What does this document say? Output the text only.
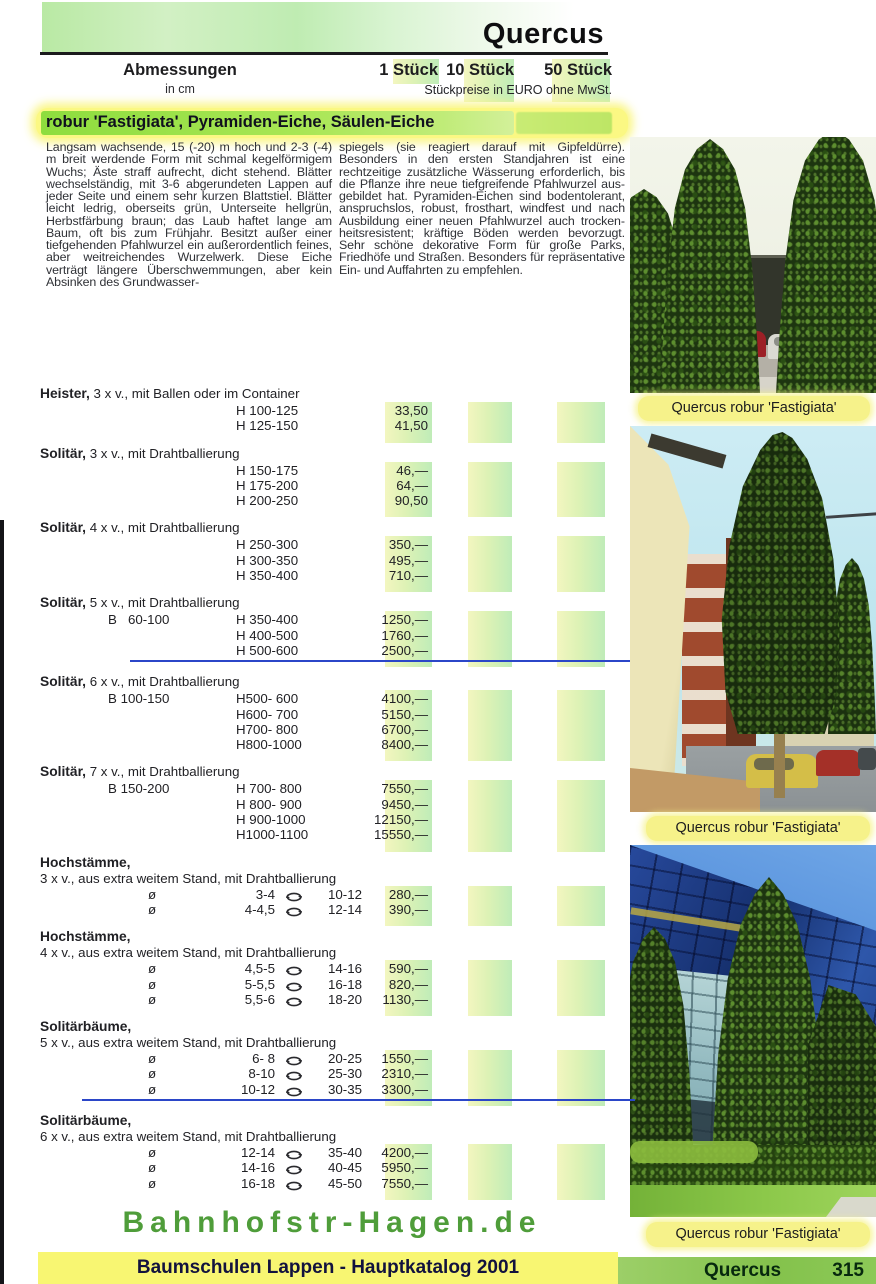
Quercus
Abmessungen
in cm
1 Stück 10 Stück 50 Stück
Stückpreise in EURO ohne MwSt.
robur 'Fastigiata', Pyramiden-Eiche, Säulen-Eiche
Langsam wachsende, 15 (-20) m hoch und 2-3 (-4) m breit werdende Form mit schmal kegelförmigem Wuchs; Äste straff aufrecht, dicht stehend. Blätter wechselständig, mit 3-6 abgerundeten Lappen auf jeder Seite und einem sehr kurzen Blattstiel. Blätter leicht ledrig, oberseits grün, Unterseite hellgrün, Herbstfärbung braun; das Laub haftet lange am Baum, oft bis zum Frühjahr. Besitzt außer einer tiefgehenden Pfahlwurzel ein außerordentlich feines, aber weitreichendes Wurzelwerk. Diese Eiche verträgt längere Überschwemmungen, aber kein Absinken des Grundwasser-
spiegels (sie reagiert darauf mit Gipfeldürre). Besonders in den ersten Standjahren ist eine rechtzeitige zusätzliche Wässerung erforderlich, bis die Pflanze ihre neue tiefgreifende Pfahlwurzel ausgebildet hat. Pyramiden-Eichen sind bodentolerant, anspruchslos, robust, frosthart, windfest und nach Ausbildung einer neuen Pfahlwurzel auch trockenheitsresistent; kräftige Böden werden bevorzugt. Sehr schöne dekorative Form für große Parks, Friedhöfe und Straßen. Besonders für repräsentative Ein- und Auffahrten zu empfehlen.
Heister, 3 x v., mit Ballen oder im Container
H 100-125	33,50
H 125-150	41,50
Solitär, 3 x v., mit Drahtballierung
H 150-175	46,—
H 175-200	64,—
H 200-250	90,50
Solitär, 4 x v., mit Drahtballierung
H 250-300	350,—
H 300-350	495,—
H 350-400	710,—
Solitär, 5 x v., mit Drahtballierung
B   60-100	H 350-400	1250,—
H 400-500	1760,—
H 500-600	2500,—
Solitär, 6 x v., mit Drahtballierung
B 100-150	H500- 600	4100,—
H600- 700	5150,—
H700- 800	6700,—
H800-1000	8400,—
Solitär, 7 x v., mit Drahtballierung
B 150-200	H 700- 800	7550,—
H 800- 900	9450,—
H 900-1000	12150,—
H1000-1100	15550,—
Hochstämme,
3 x v., aus extra weitem Stand, mit Drahtballierung
ø	3-4	10-12 280,—
ø	4-4,5	12-14 390,—
Hochstämme,
4 x v., aus extra weitem Stand, mit Drahtballierung
ø	4,5-5	14-16 590,—
ø	5-5,5	16-18 820,—
ø	5,5-6	18-20 1130,—
Solitärbäume,
5 x v., aus extra weitem Stand, mit Drahtballierung
ø	6- 8	20-25 1550,—
ø	8-10	25-30 2310,—
ø	10-12	30-35 3300,—
Solitärbäume,
6 x v., aus extra weitem Stand, mit Drahtballierung
ø	12-14	35-40 4200,—
ø	14-16	40-45 5950,—
ø	16-18	45-50 7550,—
Quercus robur 'Fastigiata'
Quercus robur 'Fastigiata'
Quercus robur 'Fastigiata'
Bahnhofstr-Hagen.de
Baumschulen Lappen - Hauptkatalog 2001	Quercus	315
